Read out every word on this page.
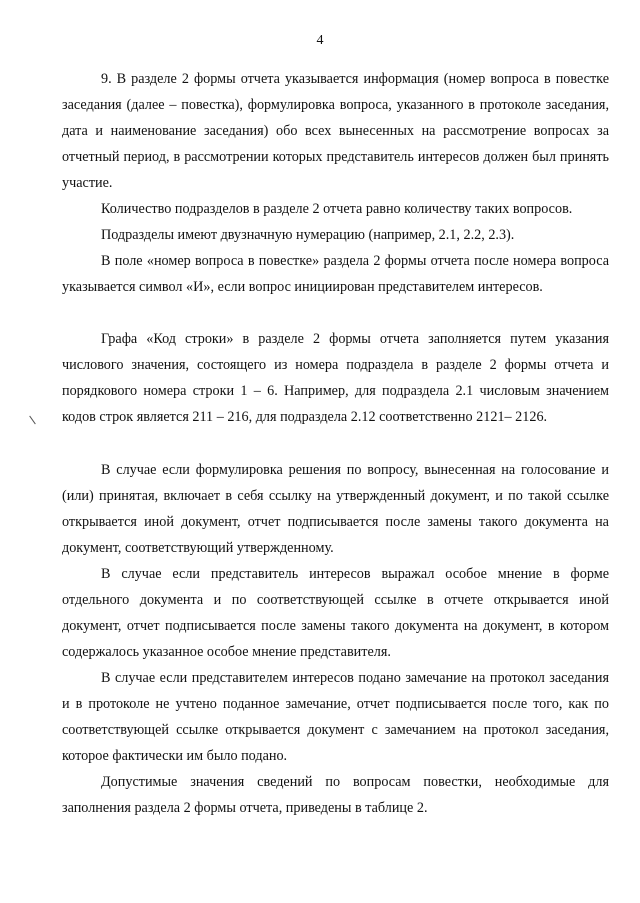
4

9. В разделе 2 формы отчета указывается информация (номер вопроса в повестке заседания (далее – повестка), формулировка вопроса, указанного в протоколе заседания, дата и наименование заседания) обо всех вынесенных на рассмотрение вопросах за отчетный период, в рассмотрении которых представитель интересов должен был принять участие.

Количество подразделов в разделе 2 отчета равно количеству таких вопросов.

Подразделы имеют двузначную нумерацию (например, 2.1, 2.2, 2.3).

В поле «номер вопроса в повестке» раздела 2 формы отчета после номера вопроса указывается символ «И», если вопрос инициирован представителем интересов.

Графа «Код строки» в разделе 2 формы отчета заполняется путем указания числового значения, состоящего из номера подраздела в разделе 2 формы отчета и порядкового номера строки 1 – 6. Например, для подраздела 2.1 числовым значением кодов строк является 211 – 216, для подраздела 2.12 соответственно 2121– 2126.

В случае если формулировка решения по вопросу, вынесенная на голосование и (или) принятая, включает в себя ссылку на утвержденный документ, и по такой ссылке открывается иной документ, отчет подписывается после замены такого документа на документ, соответствующий утвержденному.

В случае если представитель интересов выражал особое мнение в форме отдельного документа и по соответствующей ссылке в отчете открывается иной документ, отчет подписывается после замены такого документа на документ, в котором содержалось указанное особое мнение представителя.

В случае если представителем интересов подано замечание на протокол заседания и в протоколе не учтено поданное замечание, отчет подписывается после того, как по соответствующей ссылке открывается документ с замечанием на протокол заседания, которое фактически им было подано.

Допустимые значения сведений по вопросам повестки, необходимые для заполнения раздела 2 формы отчета, приведены в таблице 2.
